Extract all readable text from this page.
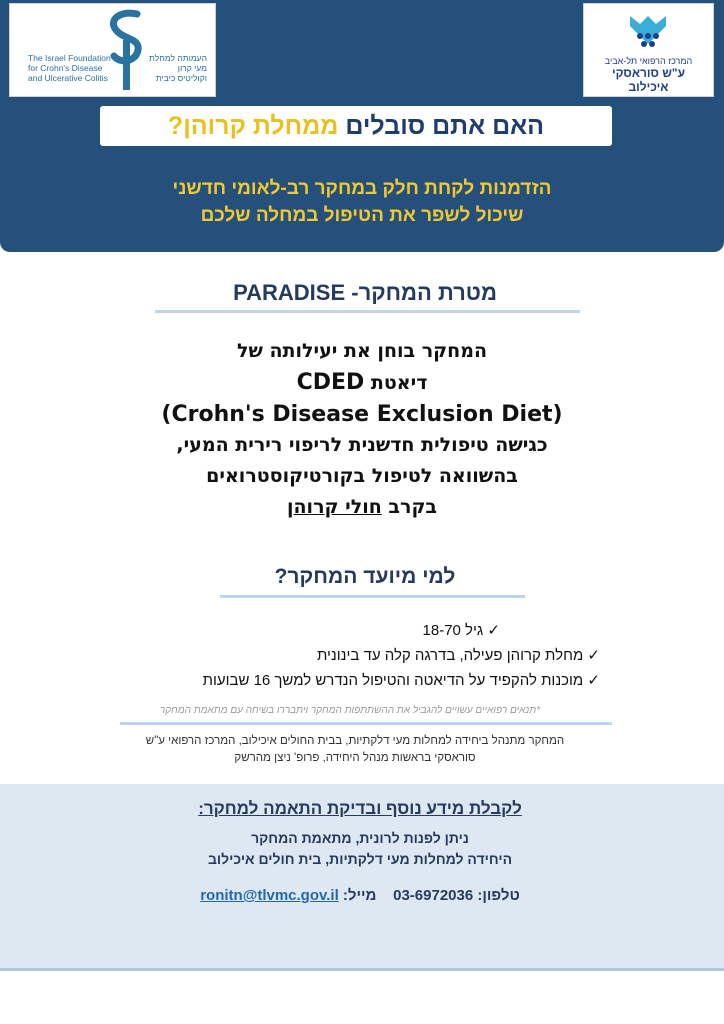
The Israel Foundation
for Crohn's Disease
and Ulcerative Colitis
העמותה למחלת
מעי קרון
וקוליטיס כיבית
המרכז הרפואי תל-אביב
ע"ש סוראסקי
איכילוב
האם אתם סובלים ממחלת קרוהן?
הזדמנות לקחת חלק במחקר רב-לאומי חדשני
שיכול לשפר את הטיפול במחלה שלכם
מטרת המחקר- PARADISE
המחקר בוחן את יעילותה של
דיאטת CDED
(Crohn's Disease Exclusion Diet)
כגישה טיפולית חדשנית לריפוי רירית המעי,
בהשוואה לטיפול בקורטיקוסטרואים
בקרב חולי קרוהן
למי מיועד המחקר?
✓ גיל 18-70
✓ מחלת קרוהן פעילה, בדרגה קלה עד בינונית
✓ מוכנות להקפיד על הדיאטה והטיפול הנדרש למשך 16 שבועות
*תנאים רפואיים עשויים להגביל את ההשתתפות המחקר ויתבררו בשיחה עם מתאמת המחקר
המחקר מתנהל ביחידה למחלות מעי דלקתיות, בבית החולים איכילוב, המרכז הרפואי ע"ש
סוראסקי בראשות מנהל היחידה, פרופ' ניצן מהרשק
לקבלת מידע נוסף ובדיקת התאמה למחקר:
ניתן לפנות לרונית, מתאמת המחקר
היחידה למחלות מעי דלקתיות, בית חולים איכילוב
טלפון: 03-6972036    מייל: ronitn@tlvmc.gov.il
